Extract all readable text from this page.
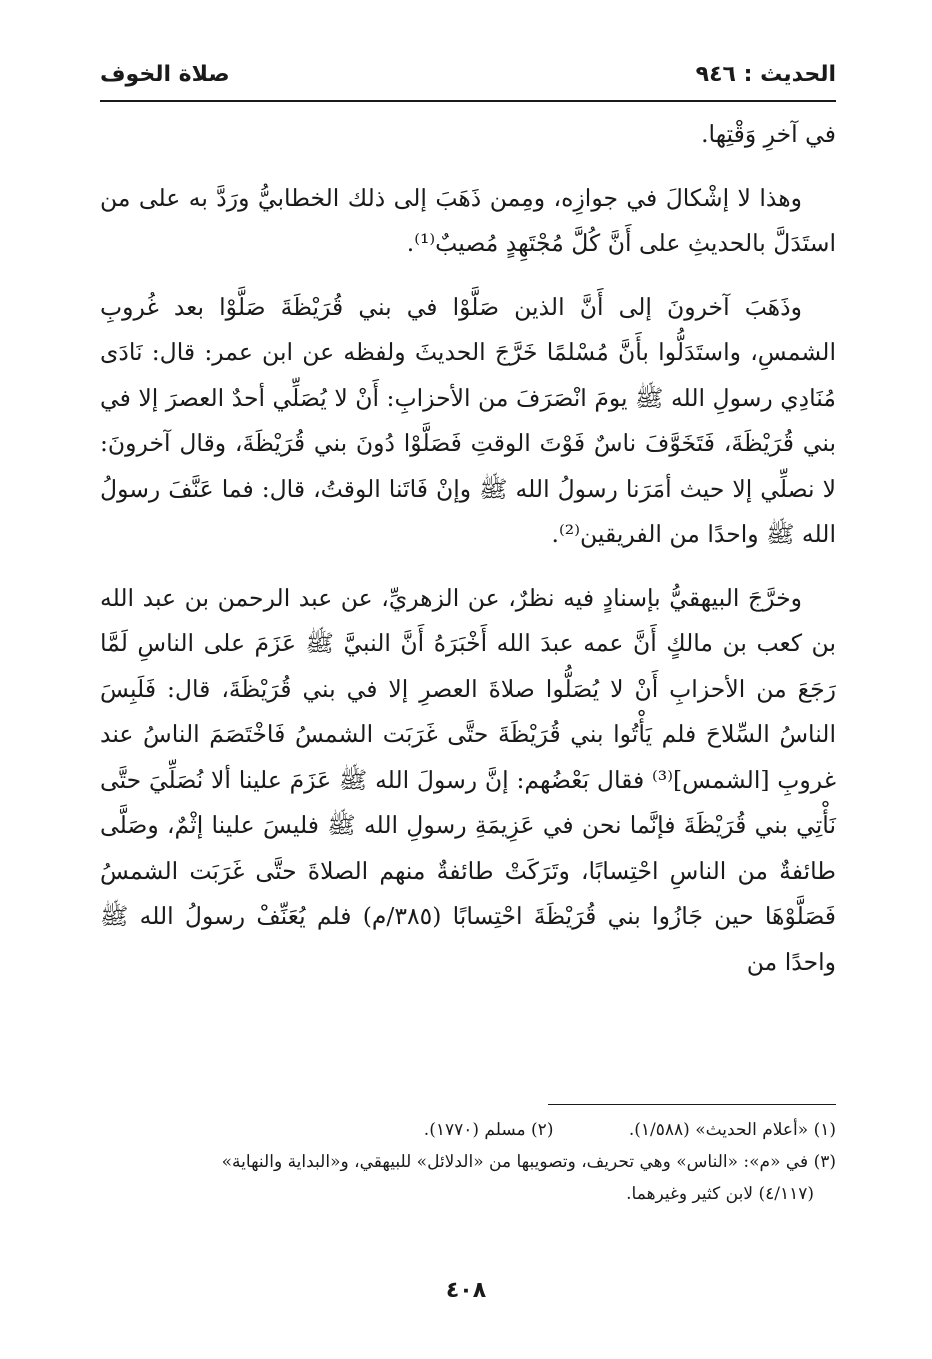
الحديث : ٩٤٦
صلاة الخوف

في آخرِ وَقْتِها.

وهذا لا إشْكالَ في جوازِه، ومِمن ذَهَبَ إلى ذلك الخطابيُّ ورَدَّ به على من استَدَلَّ بالحديثِ على أَنَّ كُلَّ مُجْتَهِدٍ مُصيبٌ⁽¹⁾.

وذَهَبَ آخرونَ إلى أَنَّ الذين صَلَّوْا في بني قُرَيْظَةَ صَلَّوْا بعد غُروبِ الشمسِ، واستَدَلُّوا بأَنَّ مُسْلمًا خَرَّجَ الحديثَ ولفظه عن ابن عمر: قال: نَادَى مُنَادِي رسولِ الله ﷺ يومَ انْصَرَفَ من الأحزابِ: أَنْ لا يُصَلِّي أحدٌ العصرَ إلا في بني قُرَيْظَةَ، فَتَخَوَّفَ ناسٌ فَوْتَ الوقتِ فَصَلَّوْا دُونَ بني قُرَيْظَةَ، وقال آخرونَ: لا نصلِّي إلا حيث أمَرَنا رسولُ الله ﷺ وإنْ فَاتَنا الوقتُ، قال: فما عَنَّفَ رسولُ الله ﷺ واحدًا من الفريقين⁽²⁾.

وخرَّجَ البيهقيُّ بإسنادٍ فيه نظرٌ، عن الزهريِّ، عن عبد الرحمن بن عبد الله بن كعب بن مالكٍ أَنَّ عمه عبدَ الله أَخْبَرَهُ أَنَّ النبيَّ ﷺ عَزَمَ على الناسِ لَمَّا رَجَعَ من الأحزابِ أَنْ لا يُصَلُّوا صلاةَ العصرِ إلا في بني قُرَيْظَةَ، قال: فَلَبِسَ الناسُ السِّلاحَ فلم يَأْتُوا بني قُرَيْظَةَ حتَّى غَرَبَت الشمسُ فَاخْتَصَمَ الناسُ عند غروبِ [الشمس]⁽³⁾ فقال بَعْضُهم: إنَّ رسولَ الله ﷺ عَزَمَ علينا ألا نُصَلِّيَ حتَّى نَأْتِي بني قُرَيْظَةَ فإنَّما نحن في عَزِيمَةِ رسولِ الله ﷺ فليسَ علينا إثْمٌ، وصَلَّى طائفةٌ من الناسِ احْتِسابًا، وتَرَكَتْ طائفةٌ منهم الصلاةَ حتَّى غَرَبَت الشمسُ فَصَلَّوْهَا حين جَازُوا بني قُرَيْظَةَ احْتِسابًا (٣٨٥/م) فلم يُعَنِّفْ رسولُ الله ﷺ واحدًا من

(١) «أعلام الحديث» (١/٥٨٨). (٢) مسلم (١٧٧٠).
(٣) في «م»: «الناس» وهي تحريف، وتصويبها من «الدلائل» للبيهقي، و«البداية والنهاية»
(٤/١١٧) لابن كثير وغيرهما.
٤٠٨
